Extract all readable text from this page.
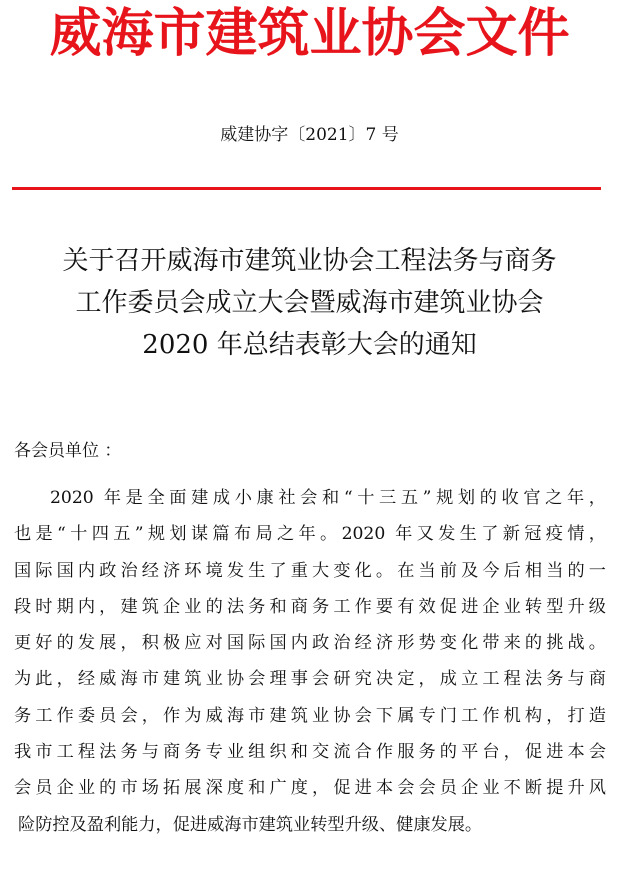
威海市建筑业协会文件
威建协字〔2021〕7 号
关于召开威海市建筑业协会工程法务与商务
工作委员会成立大会暨威海市建筑业协会
2020 年总结表彰大会的通知
各会员单位 ：
2020 年是全面建成小康社会和“十三五”规划的收官之年，
也是“十四五”规划谋篇布局之年。2020 年又发生了新冠疫情，
国际国内政治经济环境发生了重大变化。在当前及今后相当的一
段时期内，建筑企业的法务和商务工作要有效促进企业转型升级
更好的发展，积极应对国际国内政治经济形势变化带来的挑战。
为此，经威海市建筑业协会理事会研究决定，成立工程法务与商
务工作委员会，作为威海市建筑业协会下属专门工作机构，打造
我市工程法务与商务专业组织和交流合作服务的平台，促进本会
会员企业的市场拓展深度和广度，促进本会会员企业不断提升风
险防控及盈利能力，促进威海市建筑业转型升级、健康发展。
